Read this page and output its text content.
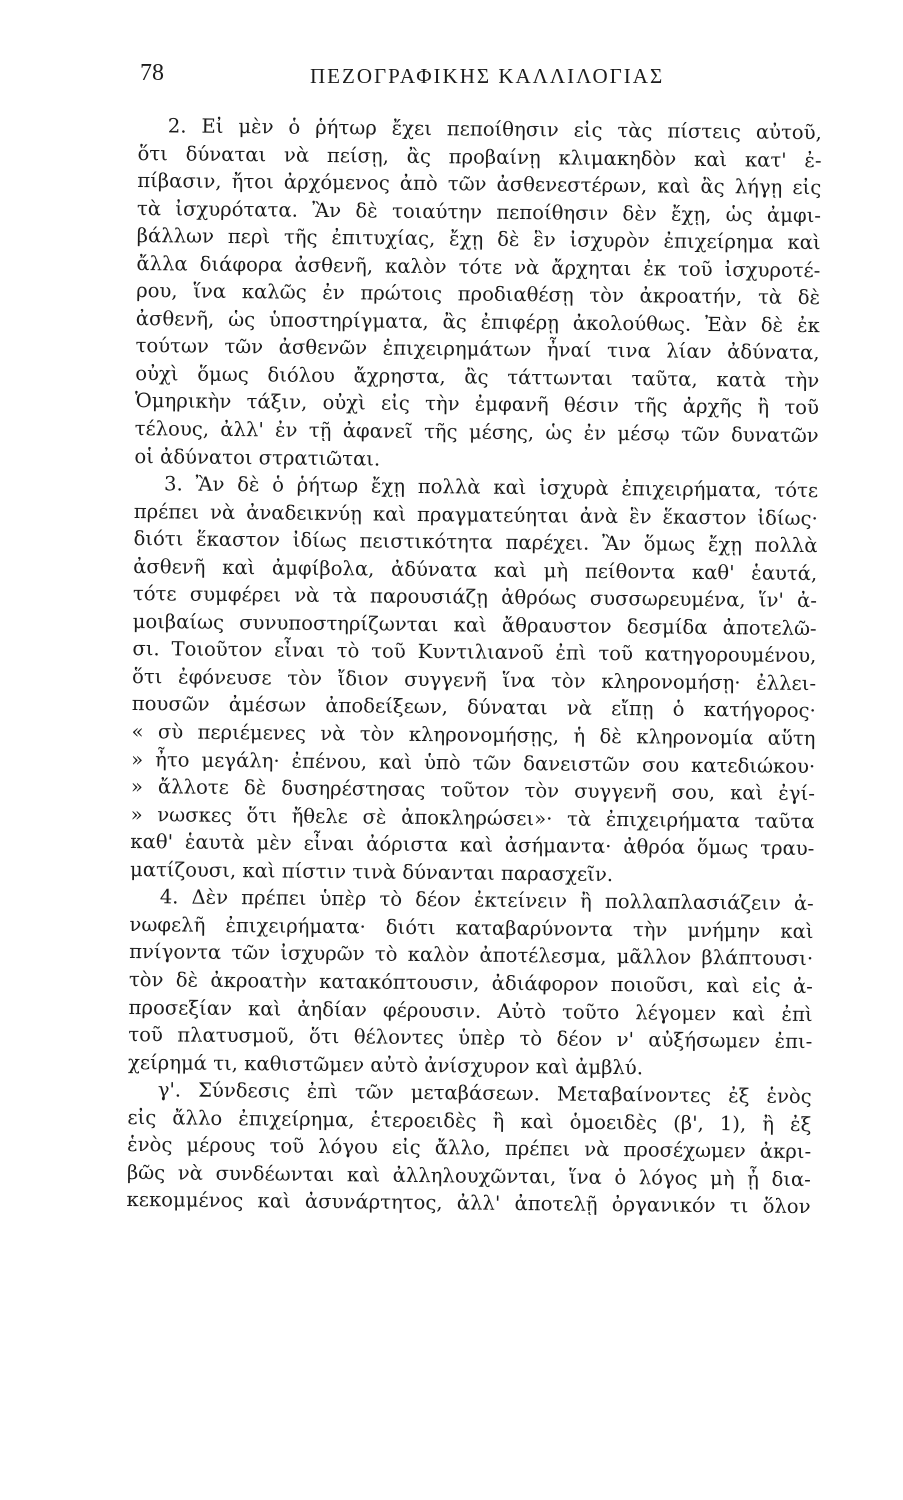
78	ΠΕΖΟΓΡΑΦΙΚΗΣ ΚΑΛΛΙΛΟΓΙΑΣ
2. Εἰ μὲν ὁ ῥήτωρ ἔχει πεποίθησιν εἰς τὰς πίστεις αὐτοῦ,
ὅτι δύναται νὰ πείσῃ, ἂς προβαίνῃ κλιμακηδὸν καὶ κατ' ἐ-
πίβασιν, ἤτοι ἀρχόμενος ἀπὸ τῶν ἀσθενεστέρων, καὶ ἂς λήγῃ εἰς
τὰ ἰσχυρότατα. Ἂν δὲ τοιαύτην πεποίθησιν δὲν ἔχῃ, ὡς ἀμφι-
βάλλων περὶ τῆς ἐπιτυχίας, ἔχῃ δὲ ἓν ἰσχυρὸν ἐπιχείρημα καὶ
ἄλλα διάφορα ἀσθενῆ, καλὸν τότε νὰ ἄρχηται ἐκ τοῦ ἰσχυροτέ-
ρου, ἵνα καλῶς ἐν πρώτοις προδιαθέσῃ τὸν ἀκροατήν, τὰ δὲ
ἀσθενῆ, ὡς ὑποστηρίγματα, ἂς ἐπιφέρῃ ἀκολούθως. Ἐὰν δὲ ἐκ
τούτων τῶν ἀσθενῶν ἐπιχειρημάτων ἦναί τινα λίαν ἀδύνατα,
οὐχὶ ὅμως διόλου ἄχρηστα, ἂς τάττωνται ταῦτα, κατὰ τὴν
Ὁμηρικὴν τάξιν, οὐχὶ εἰς τὴν ἐμφανῆ θέσιν τῆς ἀρχῆς ἢ τοῦ
τέλους, ἀλλ' ἐν τῇ ἀφανεῖ τῆς μέσης, ὡς ἐν μέσῳ τῶν δυνατῶν
οἱ ἀδύνατοι στρατιῶται.
3. Ἂν δὲ ὁ ῥήτωρ ἔχῃ πολλὰ καὶ ἰσχυρὰ ἐπιχειρήματα, τότε
πρέπει νὰ ἀναδεικνύῃ καὶ πραγματεύηται ἀνὰ ἓν ἕκαστον ἰδίως·
διότι ἕκαστον ἰδίως πειστικότητα παρέχει. Ἂν ὅμως ἔχῃ πολλὰ
ἀσθενῆ καὶ ἀμφίβολα, ἀδύνατα καὶ μὴ πείθοντα καθ' ἑαυτά,
τότε συμφέρει νὰ τὰ παρουσιάζῃ ἀθρόως συσσωρευμένα, ἵν' ἀ-
μοιβαίως συνυποστηρίζωνται καὶ ἄθραυστον δεσμίδα ἀποτελῶ-
σι. Τοιοῦτον εἶναι τὸ τοῦ Κυντιλιανοῦ ἐπὶ τοῦ κατηγορουμένου,
ὅτι ἐφόνευσε τὸν ἴδιον συγγενῆ ἵνα τὸν κληρονομήσῃ· ἐλλει-
πουσῶν ἀμέσων ἀποδείξεων, δύναται νὰ εἴπῃ ὁ κατήγορος·
« σὺ περιέμενες νὰ τὸν κληρονομήσῃς, ἡ δὲ κληρονομία αὕτη
» ἦτο μεγάλη· ἐπένου, καὶ ὑπὸ τῶν δανειστῶν σου κατεδιώκου·
» ἄλλοτε δὲ δυσηρέστησας τοῦτον τὸν συγγενῆ σου, καὶ ἐγί-
» νωσκες ὅτι ἤθελε σὲ ἀποκληρώσει»· τὰ ἐπιχειρήματα ταῦτα
καθ' ἑαυτὰ μὲν εἶναι ἀόριστα καὶ ἀσήμαντα· ἀθρόα ὅμως τραυ-
ματίζουσι, καὶ πίστιν τινὰ δύνανται παρασχεῖν.
4. Δὲν πρέπει ὑπὲρ τὸ δέον ἐκτείνειν ἢ πολλαπλασιάζειν ἀ-
νωφελῆ ἐπιχειρήματα· διότι καταβαρύνοντα τὴν μνήμην καὶ
πνίγοντα τῶν ἰσχυρῶν τὸ καλὸν ἀποτέλεσμα, μᾶλλον βλάπτουσι·
τὸν δὲ ἀκροατὴν κατακόπτουσιν, ἀδιάφορον ποιοῦσι, καὶ εἰς ἀ-
προσεξίαν καὶ ἀηδίαν φέρουσιν. Αὐτὸ τοῦτο λέγομεν καὶ ἐπὶ
τοῦ πλατυσμοῦ, ὅτι θέλοντες ὑπὲρ τὸ δέον ν' αὐξήσωμεν ἐπι-
χείρημά τι, καθιστῶμεν αὐτὸ ἀνίσχυρον καὶ ἀμβλύ.
γ'. Σύνδεσις ἐπὶ τῶν μεταβάσεων. Μεταβαίνοντες ἐξ ἑνὸς
εἰς ἄλλο ἐπιχείρημα, ἑτεροειδὲς ἢ καὶ ὁμοειδὲς (β', 1), ἢ ἐξ
ἑνὸς μέρους τοῦ λόγου εἰς ἄλλο, πρέπει νὰ προσέχωμεν ἀκρι-
βῶς νὰ συνδέωνται καὶ ἀλληλουχῶνται, ἵνα ὁ λόγος μὴ ᾖ δια-
κεκομμένος καὶ ἀσυνάρτητος, ἀλλ' ἀποτελῇ ὀργανικόν τι ὅλον
